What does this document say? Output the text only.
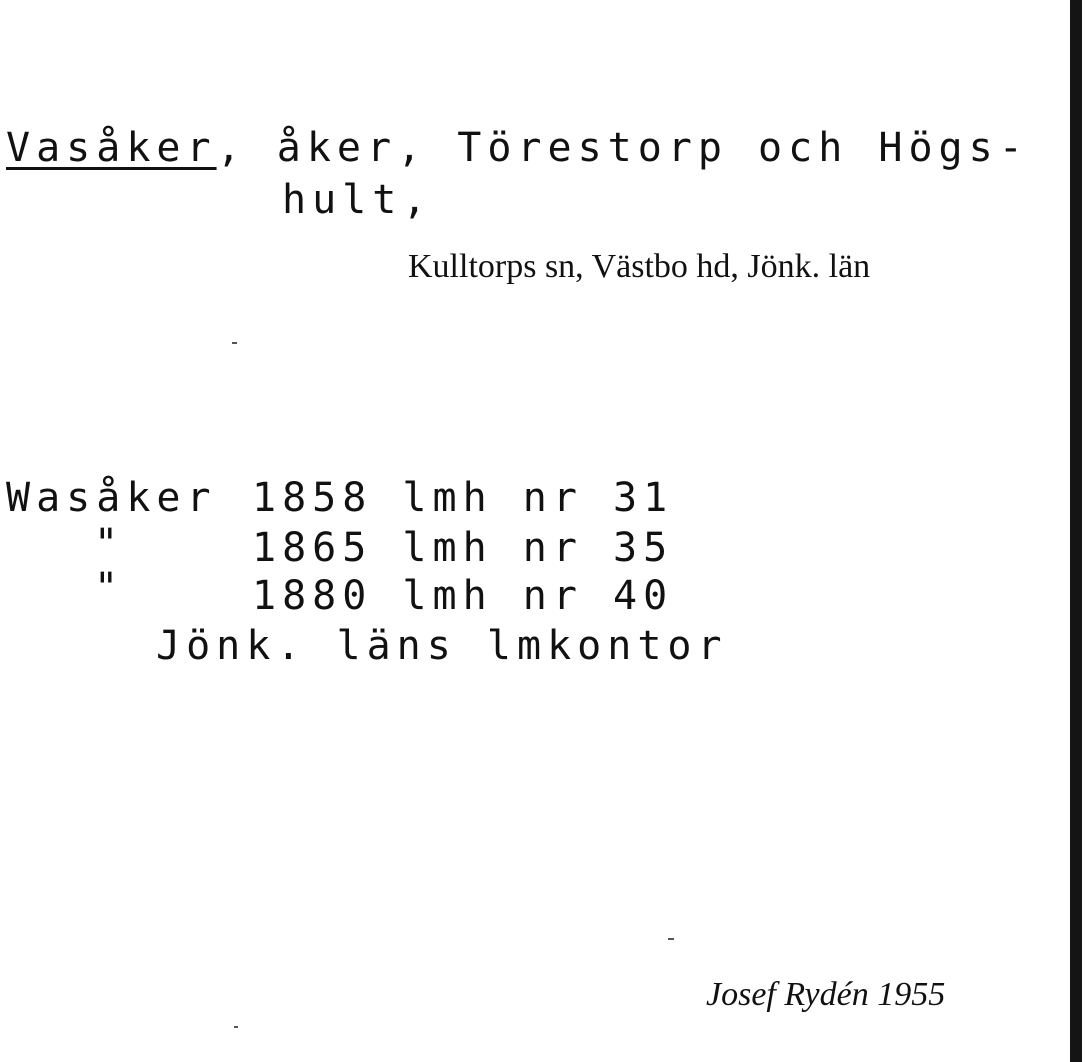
Vasåker, åker, Törestorp och Högs-
hult,
Kulltorps sn, Västbo hd, Jönk. län
Wasåker 1858 lmh nr 31
"	1865 lmh nr 35
"	1880 lmh nr 40
Jönk. läns lmkontor
Josef Rydén 1955
